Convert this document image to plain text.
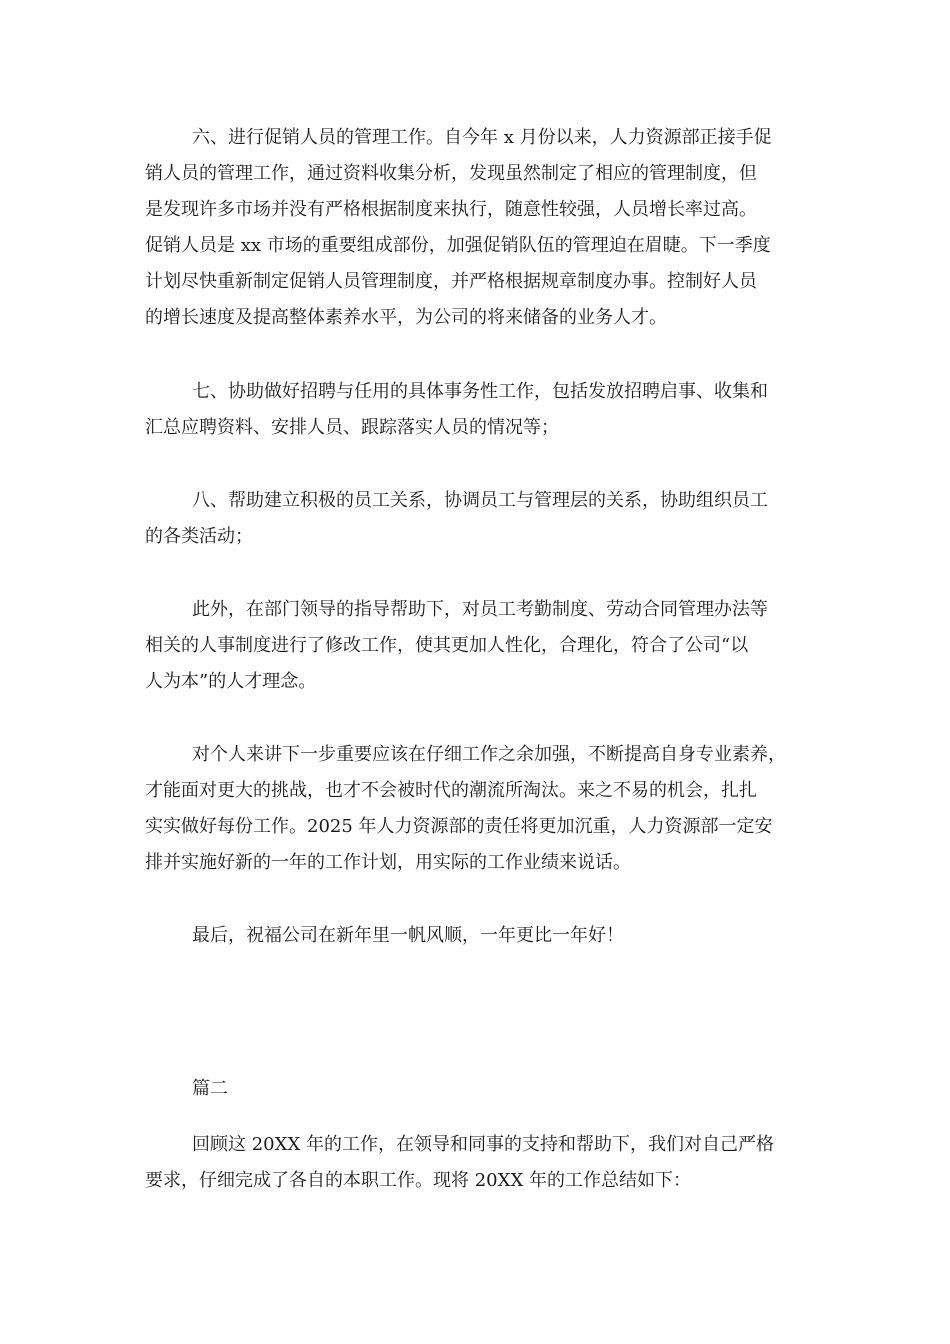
六、进行促销人员的管理工作。自今年 x 月份以来，人力资源部正接手促
销人员的管理工作，通过资料收集分析，发现虽然制定了相应的管理制度，但
是发现许多市场并没有严格根据制度来执行，随意性较强，人员增长率过高。
促销人员是 xx 市场的重要组成部份，加强促销队伍的管理迫在眉睫。下一季度
计划尽快重新制定促销人员管理制度，并严格根据规章制度办事。控制好人员
的增长速度及提高整体素养水平，为公司的将来储备的业务人才。
七、协助做好招聘与任用的具体事务性工作，包括发放招聘启事、收集和
汇总应聘资料、安排人员、跟踪落实人员的情况等；
八、帮助建立积极的员工关系，协调员工与管理层的关系，协助组织员工
的各类活动；
此外，在部门领导的指导帮助下，对员工考勤制度、劳动合同管理办法等
相关的人事制度进行了修改工作，使其更加人性化，合理化，符合了公司“以
人为本”的人才理念。
对个人来讲下一步重要应该在仔细工作之余加强，不断提高自身专业素养，
才能面对更大的挑战，也才不会被时代的潮流所淘汰。来之不易的机会，扎扎
实实做好每份工作。2025 年人力资源部的责任将更加沉重，人力资源部一定安
排并实施好新的一年的工作计划，用实际的工作业绩来说话。
最后，祝福公司在新年里一帆风顺，一年更比一年好！
篇二
回顾这 20XX 年的工作，在领导和同事的支持和帮助下，我们对自己严格
要求，仔细完成了各自的本职工作。现将 20XX 年的工作总结如下：
